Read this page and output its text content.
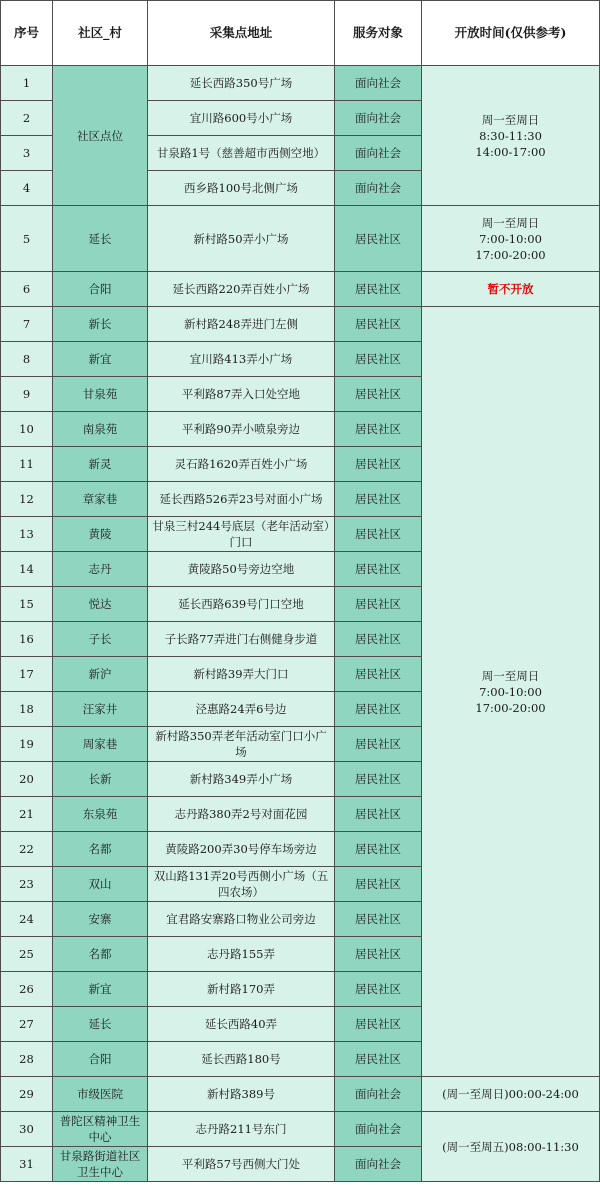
序号	社区_村	采集点地址	服务对象	开放时间(仅供参考)
1	社区点位	延长西路350号广场	面向社会	周一至周日
8:30-11:30
14:00-17:00

2		宜川路600号小广场	面向社会	
3		甘泉路1号（慈善超市西侧空地）	面向社会	
4		西乡路100号北侧广场	面向社会	
5	延长	新村路50弄小广场	居民社区	周一至周日
7:00-10:00
17:00-20:00

6	合阳	延长西路220弄百姓小广场	居民社区	暂不开放
7	新长	新村路248弄进门左侧	居民社区	周一至周日
7:00-10:00
17:00-20:00

8	新宜	宜川路413弄小广场	居民社区	
9	甘泉苑	平利路87弄入口处空地	居民社区	
10	南泉苑	平利路90弄小喷泉旁边	居民社区	
11	新灵	灵石路1620弄百姓小广场	居民社区	
12	章家巷	延长西路526弄23号对面小广场	居民社区	
13	黄陵	甘泉三村244号底层（老年活动室）门口	居民社区	
14	志丹	黄陵路50号旁边空地	居民社区	
15	悦达	延长西路639号门口空地	居民社区	
16	子长	子长路77弄进门右侧健身步道	居民社区	
17	新沪	新村路39弄大门口	居民社区	
18	汪家井	泾惠路24弄6号边	居民社区	
19	周家巷	新村路350弄老年活动室门口小广场	居民社区	
20	长新	新村路349弄小广场	居民社区	
21	东泉苑	志丹路380弄2号对面花园	居民社区	
22	名都	黄陵路200弄30号停车场旁边	居民社区	
23	双山	双山路131弄20号西侧小广场（五四农场）	居民社区	
24	安寨	宜君路安寨路口物业公司旁边	居民社区	
25	名都	志丹路155弄	居民社区	
26	新宜	新村路170弄	居民社区	
27	延长	延长西路40弄	居民社区	
28	合阳	延长西路180号	居民社区	
29	市级医院	新村路389号	面向社会	(周一至周日)00:00-24:00
30	普陀区精神卫生中心	志丹路211号东门	面向社会	(周一至周五)08:00-11:30
31	甘泉路街道社区卫生中心	平利路57号西侧大门处	面向社会	
